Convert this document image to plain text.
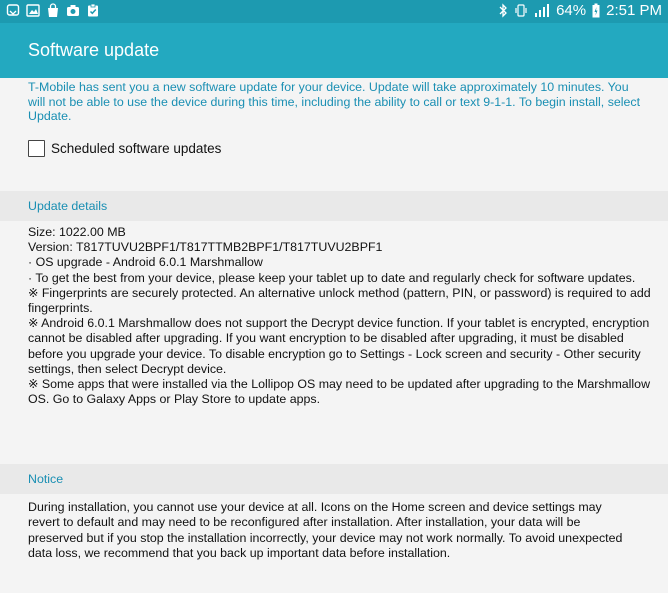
64% 2:51 PM
Software update
T-Mobile has sent you a new software update for your device. Update will take approximately 10 minutes. You will not be able to use the device during this time, including the ability to call or text 9-1-1. To begin install, select Update.
Scheduled software updates
Update details

Size: 1022.00 MB

Version: T817TUVU2BPF1/T817TTMB2BPF1/T817TUVU2BPF1

· OS upgrade - Android 6.0.1 Marshmallow

· To get the best from your device, please keep your tablet up to date and regularly check for software updates.

※ Fingerprints are securely protected. An alternative unlock method (pattern, PIN, or password) is required to add fingerprints.

※ Android 6.0.1 Marshmallow does not support the Decrypt device function. If your tablet is encrypted, encryption cannot be disabled after upgrading. If you want encryption to be disabled after upgrading, it must be disabled before you upgrade your device. To disable encryption go to Settings - Lock screen and security - Other security settings, then select Decrypt device.

※ Some apps that were installed via the Lollipop OS may need to be updated after upgrading to the Marshmallow OS. Go to Galaxy Apps or Play Store to update apps.

Notice
During installation, you cannot use your device at all. Icons on the Home screen and device settings may revert to default and may need to be reconfigured after installation. After installation, your data will be preserved but if you stop the installation incorrectly, your device may not work normally. To avoid unexpected data loss, we recommend that you back up important data before installation.
